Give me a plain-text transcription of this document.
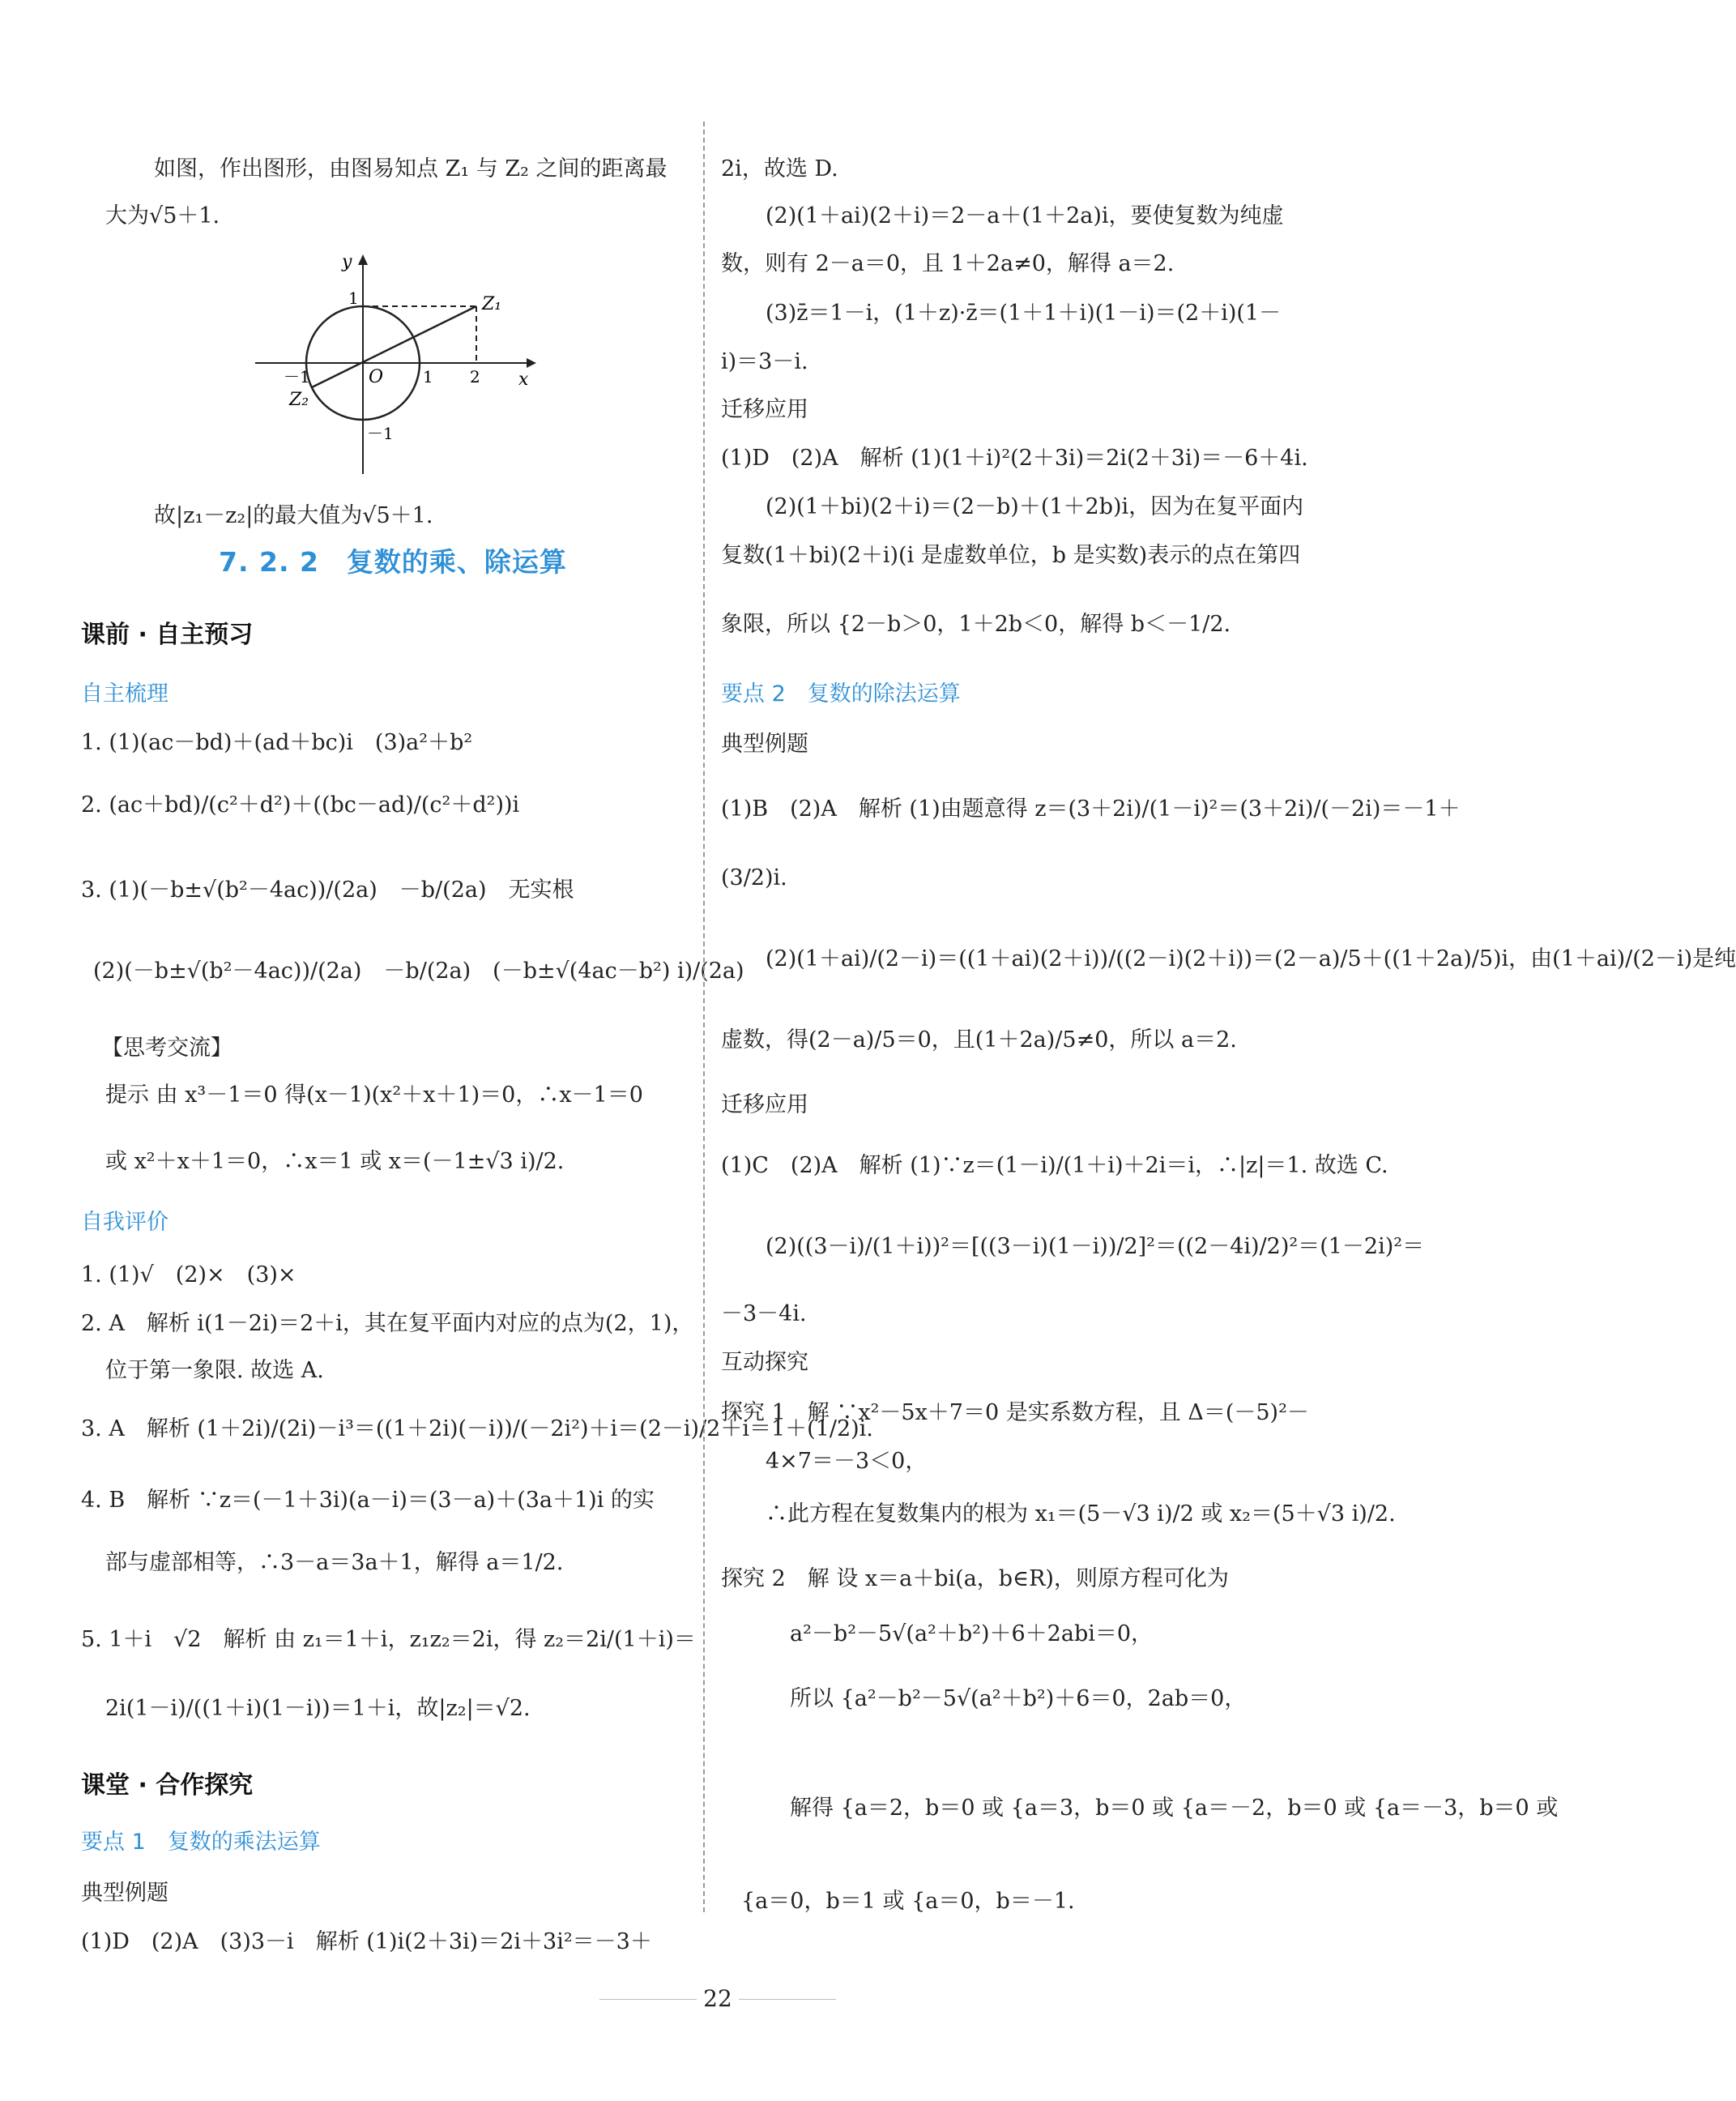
如图，作出图形，由图易知点 Z₁ 与 Z₂ 之间的距离最
大为√5＋1.
y
x
1	Z₁
－1
Z₂
O 1 2
－1
故|z₁－z₂|的最大值为√5＋1.
7. 2. 2　复数的乘、除运算
课前 · 自主预习
自主梳理
1. (1)(ac－bd)＋(ad＋bc)i　(3)a²＋b²
2. (ac＋bd)/(c²＋d²)＋((bc－ad)/(c²＋d²))i
3. (1)(－b±√(b²－4ac))/(2a)　－b/(2a)　无实根
(2)(－b±√(b²－4ac))/(2a)　－b/(2a)　(－b±√(4ac－b²) i)/(2a)
【思考交流】
提示 由 x³－1＝0 得(x－1)(x²＋x＋1)＝0，∴x－1＝0
或 x²＋x＋1＝0，∴x＝1 或 x＝(－1±√3 i)/2.
自我评价
1. (1)√　(2)×　(3)×
2. A　解析 i(1－2i)＝2＋i，其在复平面内对应的点为(2，1)，
位于第一象限. 故选 A.
3. A　解析 (1＋2i)/(2i)－i³＝((1＋2i)(－i))/(－2i²)＋i＝(2－i)/2＋i＝1＋(1/2)i.
4. B　解析 ∵z＝(－1＋3i)(a－i)＝(3－a)＋(3a＋1)i 的实
部与虚部相等，∴3－a＝3a＋1，解得 a＝1/2.
5. 1＋i　√2　解析 由 z₁＝1＋i，z₁z₂＝2i，得 z₂＝2i/(1＋i)＝
2i(1－i)/((1＋i)(1－i))＝1＋i，故|z₂|＝√2.
课堂 · 合作探究
要点 1　复数的乘法运算
典型例题
(1)D　(2)A　(3)3－i　解析 (1)i(2＋3i)＝2i＋3i²＝－3＋
2i，故选 D.
(2)(1＋ai)(2＋i)＝2－a＋(1＋2a)i，要使复数为纯虚
数，则有 2－a＝0，且 1＋2a≠0，解得 a＝2.
(3)z̄＝1－i，(1＋z)·z̄＝(1＋1＋i)(1－i)＝(2＋i)(1－
i)＝3－i.
迁移应用
(1)D　(2)A　解析 (1)(1＋i)²(2＋3i)＝2i(2＋3i)＝－6＋4i.
(2)(1＋bi)(2＋i)＝(2－b)＋(1＋2b)i，因为在复平面内
复数(1＋bi)(2＋i)(i 是虚数单位，b 是实数)表示的点在第四
象限，所以 {2－b＞0，1＋2b＜0，解得 b＜－1/2.
要点 2　复数的除法运算
典型例题
(1)B　(2)A　解析 (1)由题意得 z＝(3＋2i)/(1－i)²＝(3＋2i)/(－2i)＝－1＋
(3/2)i.
(2)(1＋ai)/(2－i)＝((1＋ai)(2＋i))/((2－i)(2＋i))＝(2－a)/5＋((1＋2a)/5)i，由(1＋ai)/(2－i)是纯
虚数，得(2－a)/5＝0，且(1＋2a)/5≠0，所以 a＝2.
迁移应用
(1)C　(2)A　解析 (1)∵z＝(1－i)/(1＋i)＋2i＝i，∴|z|＝1. 故选 C.
(2)((3－i)/(1＋i))²＝[((3－i)(1－i))/2]²＝((2－4i)/2)²＝(1－2i)²＝
－3－4i.
互动探究
探究 1　解 ∵x²－5x＋7＝0 是实系数方程，且 Δ＝(－5)²－
4×7＝－3＜0，
∴此方程在复数集内的根为 x₁＝(5－√3 i)/2 或 x₂＝(5＋√3 i)/2.
探究 2　解 设 x＝a＋bi(a，b∈R)，则原方程可化为
a²－b²－5√(a²＋b²)＋6＋2abi＝0，
所以 {a²－b²－5√(a²＋b²)＋6＝0，2ab＝0，
解得 {a＝2，b＝0 或 {a＝3，b＝0 或 {a＝－2，b＝0 或 {a＝－3，b＝0 或
{a＝0，b＝1 或 {a＝0，b＝－1.
22
